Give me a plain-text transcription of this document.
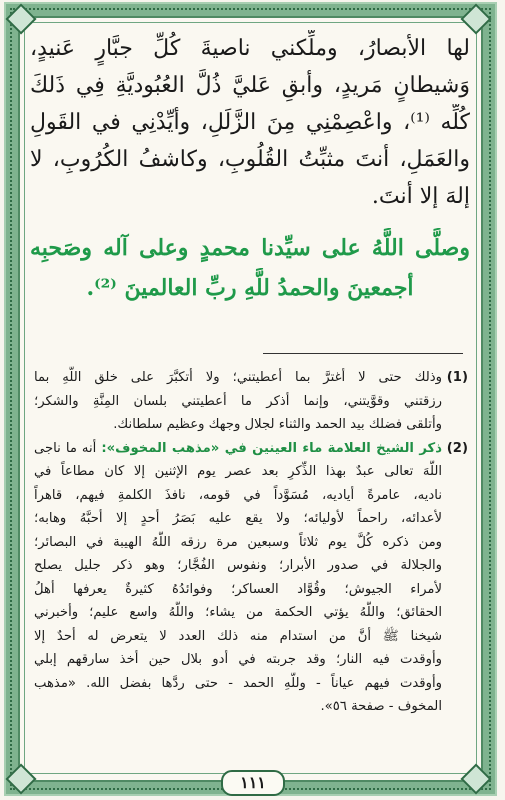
لها الأبصارُ، وملِّكني ناصيةَ كُلِّ جبَّارٍ عَنيدٍ،
وَشيطانٍ مَريدٍ، وأبقِ عَليَّ ذُلَّ العُبُوديَّةِ فِي ذَلكَ
كُلِّه ⁽¹⁾، واعْصِمْنِي مِنَ الزَّلَلِ، وأيِّدْنِي في القَولِ
والعَمَلِ، أنتَ مثبِّتُ القُلُوبِ، وكاشفُ الكُرُوبِ، لا
إلهَ إلا أنتَ.
وصلَّى اللَّهُ على سيِّدنا محمدٍ وعلى آله وصَحبِه
أجمعينَ والحمدُ للَّهِ ربِّ العالمينَ ⁽²⁾.
(1)وذلك حتى لا أغترَّ بما أعطيتني؛ ولا أتكبَّرَ على خلق اللَّهِ بما
رزقتني وقوَّيتني، وإنما أذكر ما أعطيتني بلسان المِنَّةِ والشكر؛
وأتلقى فضلك بيد الحمد والثناء لجلال وجهك وعظيم سلطانك.
(2)ذكر الشيخ العلامة ماء العينين في «مذهب المخوف»: أنه ما ناجى
اللَّهَ تعالى عبدٌ بهذا الذِّكرِ بعد عصر يوم الإثنين إلا كان مطاعاً في
ناديه، عامرةً أياديه، مُسَوَّداً في قومه، نافذَ الكلمةِ فيهم، قاهراً
لأعدائه، راحماً لأوليائه؛ ولا يقع عليه بَصَرُ أحدٍ إلا أحبَّهُ وهابه؛
ومن ذكره كُلَّ يوم ثلاثاً وسبعين مرة رزقه اللَّهُ الهيبة في البصائر؛
والجلالة في صدور الأبرار؛ ونفوس الفُجَّار؛ وهو ذكر جليل يصلح
لأمراء الجيوش؛ وقُوَّاد العساكر؛ وفوائدُهُ كثيرةٌ يعرفها أهلُ
الحقائق؛ واللَّهُ يؤتي الحكمة من يشاء؛ واللَّهُ واسع عليم؛ وأخبرني
شيخنا ﷺ أنَّ من استدام منه ذلك العدد لا يتعرض له أحدٌ إلا
وأوقدت فيه النار؛ وقد جربته في أدو بلال حين أخذ سارقهم إبلي
وأوقدت فيهم عياناً - وللَّهِ الحمد - حتى ردَّها بفضل الله. «مذهب
المخوف - صفحة ٥٦».
١١١
